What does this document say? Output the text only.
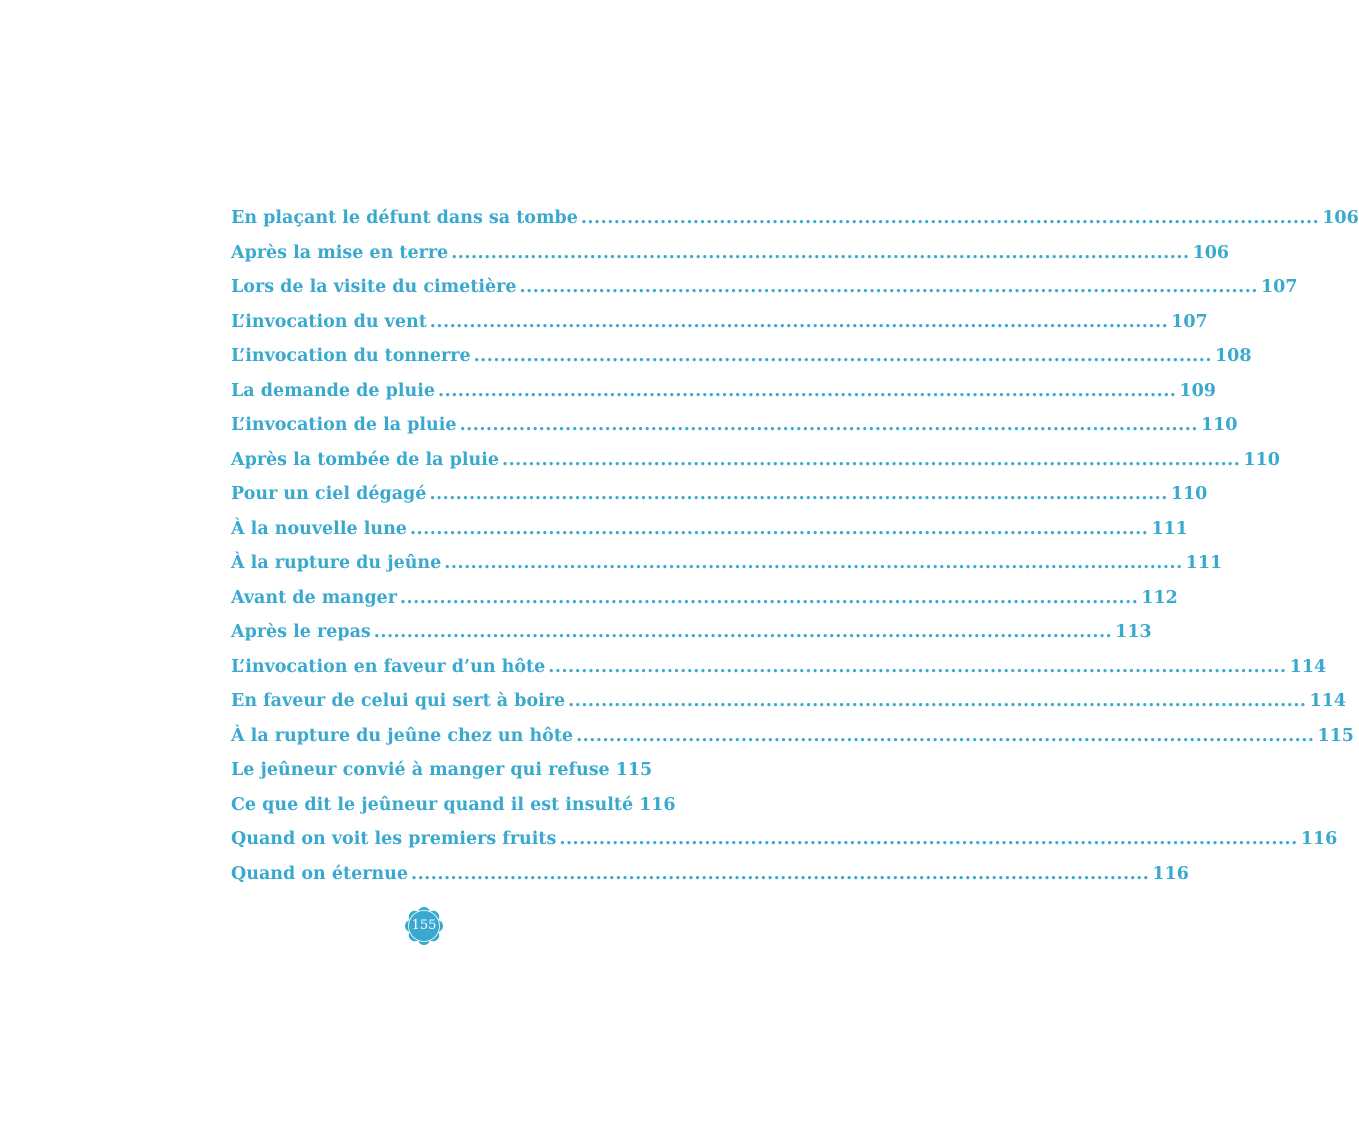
En plaçant le défunt dans sa tombe .....	106
Après la mise en terre .....	106
Lors de la visite du cimetière .....	107
L’invocation du vent .....	107
L’invocation du tonnerre .....	108
La demande de pluie .....	109
L’invocation de la pluie .....	110
Après la tombée de la pluie .....	110
Pour un ciel dégagé .....	110
À la nouvelle lune .....	111
À la rupture du jeûne .....	111
Avant de manger .....	112
Après le repas .....	113
L’invocation en faveur d’un hôte .....	114
En faveur de celui qui sert à boire .....	114
À la rupture du jeûne chez un hôte .....	115
Le jeûneur convié à manger qui refuse 115
Ce que dit le jeûneur quand il est insulté 116
Quand on voit les premiers fruits .....	116
Quand on éternue .....	116
155
